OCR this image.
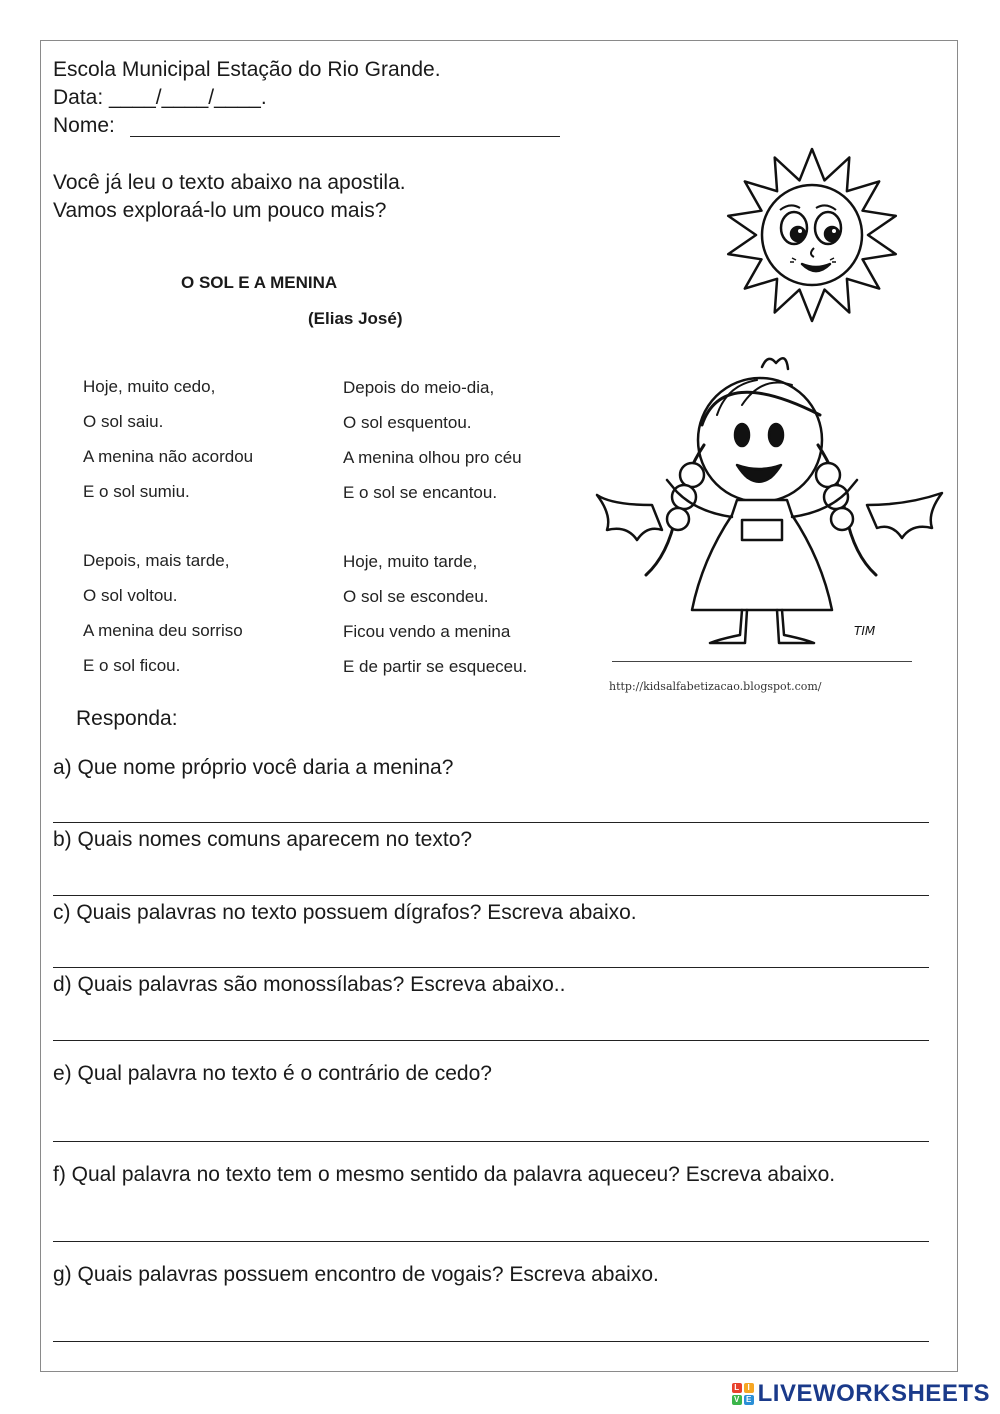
Escola Municipal Estação do Rio Grande.
Data: ____/____/____.
Nome:
Você já leu o texto abaixo na apostila.
Vamos exploraá-lo um pouco mais?
O SOL E A MENINA
(Elias José)
Hoje, muito cedo,
O sol saiu.
A menina não acordou
E o sol sumiu.
Depois do meio-dia,
O sol esquentou.
A menina olhou pro céu
E o sol se encantou.
Depois, mais tarde,
O sol voltou.
A menina deu sorriso
E o sol ficou.
Hoje, muito tarde,
O sol se escondeu.
Ficou vendo a menina
E de partir se esqueceu.
TIM
http://kidsalfabetizacao.blogspot.com/
Responda:
a) Que nome próprio você daria a menina?
b) Quais nomes comuns aparecem no texto?
c) Quais palavras no texto possuem dígrafos? Escreva abaixo.
d) Quais palavras são monossílabas? Escreva abaixo..
e) Qual palavra no texto é o contrário de cedo?
f) Qual palavra no texto tem o mesmo sentido da palavra aqueceu? Escreva abaixo.
g) Quais palavras possuem encontro de vogais? Escreva abaixo.
L	I
V E LIVEWORKSHEETS
